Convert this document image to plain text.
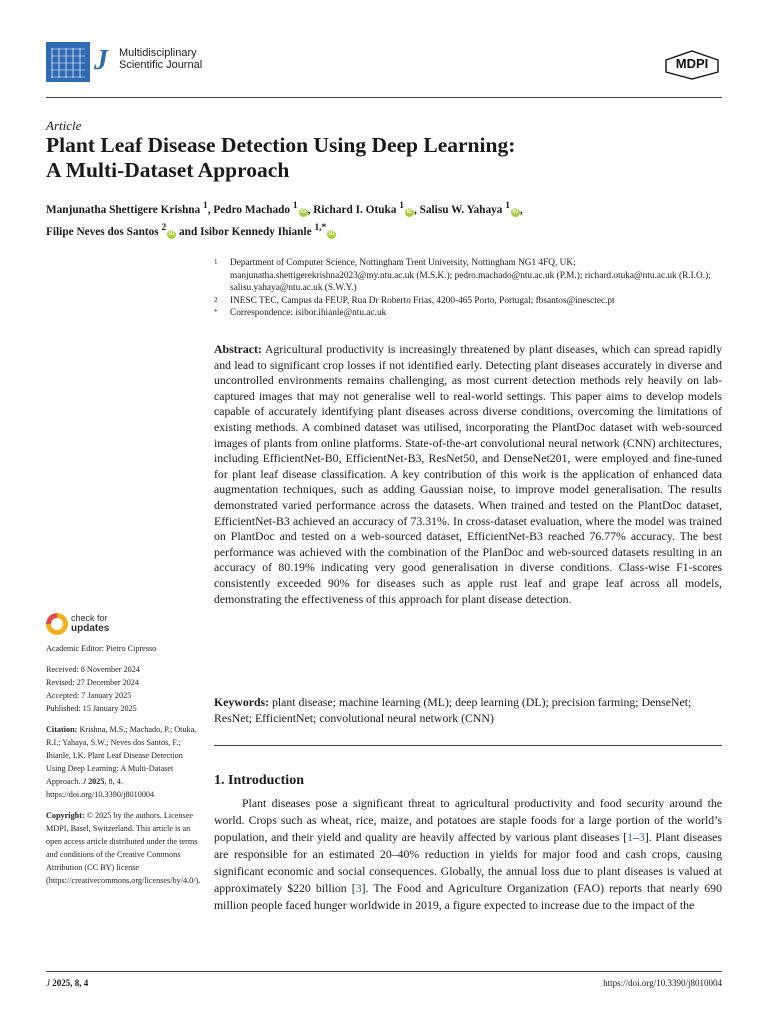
J Multidisciplinary
Scientific Journal	MDPI
Article
Plant Leaf Disease Detection Using Deep Learning:
A Multi-Dataset Approach
Manjunatha Shettigere Krishna $^1$, Pedro Machado $^1$iD , Richard I. Otuka $^1$iD , Salisu W. Yahaya $^1$iD ,
Filipe Neves dos Santos $^2$iD and Isibor Kennedy Ihianle $^{1,*}$iD
1	Department of Computer Science, Nottingham Trent University, Nottingham NG1 4FQ, UK; manjunatha.shettigerekrishna2023@my.ntu.ac.uk (M.S.K.); pedro.machado@ntu.ac.uk (P.M.); richard.otuka@ntu.ac.uk (R.I.O.); salisu.yahaya@ntu.ac.uk (S.W.Y.)
2	INESC TEC, Campus da FEUP, Rua Dr Roberto Frias, 4200-465 Porto, Portugal; fbsantos@inesctec.pt
*	Correspondence: isibor.ihianle@ntu.ac.uk
Abstract: Agricultural productivity is increasingly threatened by plant diseases, which can spread rapidly and lead to significant crop losses if not identified early. Detecting plant diseases accurately in diverse and uncontrolled environments remains challenging, as most current detection methods rely heavily on lab-captured images that may not generalise well to real-world settings. This paper aims to develop models capable of accurately identifying plant diseases across diverse conditions, overcoming the limitations of existing methods. A combined dataset was utilised, incorporating the PlantDoc dataset with web-sourced images of plants from online platforms. State-of-the-art convolutional neural network (CNN) architectures, including EfficientNet-B0, EfficientNet-B3, ResNet50, and DenseNet201, were employed and fine-tuned for plant leaf disease classification. A key contribution of this work is the application of enhanced data augmentation techniques, such as adding Gaussian noise, to improve model generalisation. The results demonstrated varied performance across the datasets. When trained and tested on the PlantDoc dataset, EfficientNet-B3 achieved an accuracy of 73.31%. In cross-dataset evaluation, where the model was trained on PlantDoc and tested on a web-sourced dataset, EfficientNet-B3 reached 76.77% accuracy. The best performance was achieved with the combination of the PlanDoc and web-sourced datasets resulting in an accuracy of 80.19% indicating very good generalisation in diverse conditions. Class-wise F1-scores consistently exceeded 90% for diseases such as apple rust leaf and grape leaf across all models, demonstrating the effectiveness of this approach for plant disease detection.
Keywords: plant disease; machine learning (ML); deep learning (DL); precision farming; DenseNet; ResNet; EfficientNet; convolutional neural network (CNN)
1. Introduction
Plant diseases pose a significant threat to agricultural productivity and food security around the world. Crops such as wheat, rice, maize, and potatoes are staple foods for a large portion of the world’s population, and their yield and quality are heavily affected by various plant diseases [1–3]. Plant diseases are responsible for an estimated 20–40% reduction in yields for major food and cash crops, causing significant economic and social consequences. Globally, the annual loss due to plant diseases is valued at approximately $220 billion [3]. The Food and Agriculture Organization (FAO) reports that nearly 690 million people faced hunger worldwide in 2019, a figure expected to increase due to the impact of the
check for
updates

Academic Editor: Pietro Cipresso

Received: 8 November 2024

Revised: 27 December 2024

Accepted: 7 January 2025

Published: 15 January 2025

Citation: Krishna, M.S.; Machado, P.; Otuka, R.I.; Yahaya, S.W.; Neves dos Santos, F.; Ihianle, I.K. Plant Leaf Disease Detection Using Deep Learning: A Multi-Dataset Approach. J 2025, 8, 4. https://doi.org/10.3390/j8010004

Copyright: © 2025 by the authors. Licensee MDPI, Basel, Switzerland. This article is an open access article distributed under the terms and conditions of the Creative Commons Attribution (CC BY) license (https://creativecommons.org/licenses/by/4.0/).

J 2025, 8, 4	https://doi.org/10.3390/j8010004
